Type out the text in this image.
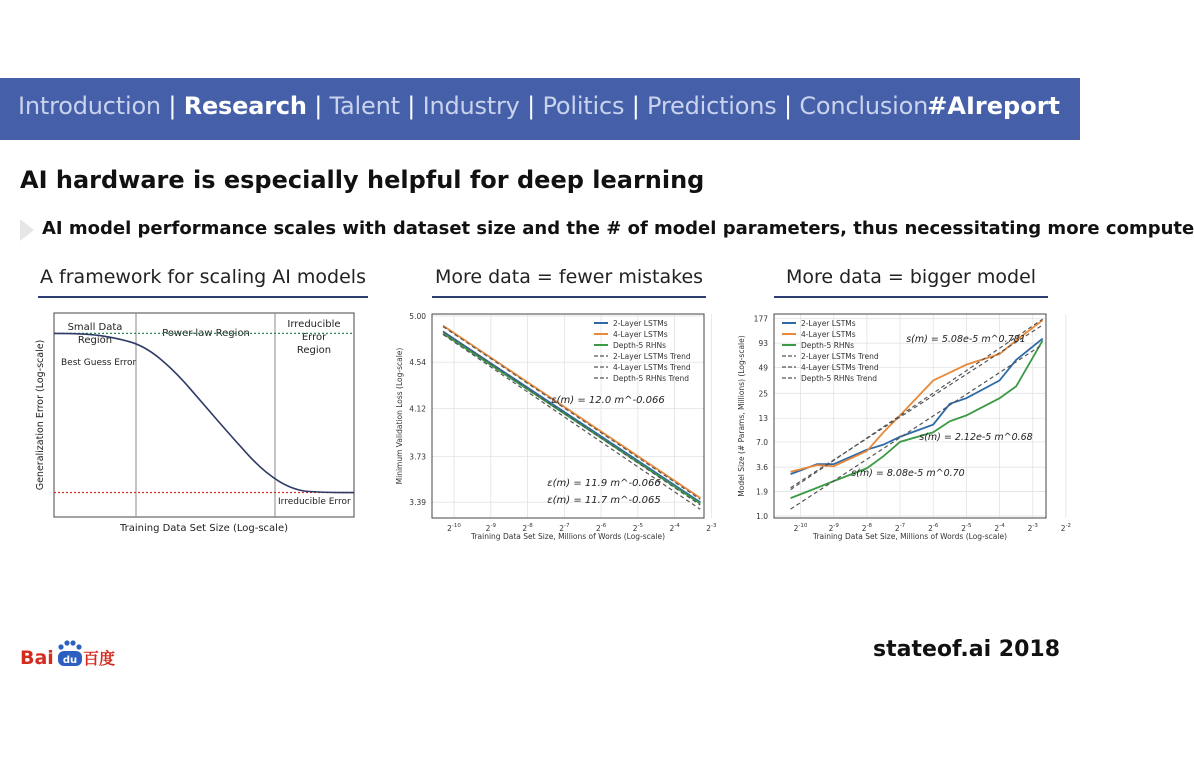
Introduction | Research | Talent | Industry | Politics | Predictions | Conclusion #AIreport
AI hardware is especially helpful for deep learning
AI model performance scales with dataset size and the # of model parameters, thus necessitating more compute
A framework for scaling AI models	More data = fewer mistakes	More data = bigger model
Small Data
Region
Power-law Region
Irreducible
Error
Region
Best Guess Error
Irreducible Error
Generalization Error (Log-scale)
Training Data Set Size (Log-scale)	$2^{-10}$	$2^{-9}$	$2^{-8}$	$2^{-7}$	$2^{-6}$	$2^{-5}$	$2^{-4}$	$2^{-3}$
5.00
4.54
4.12
3.73
3.39
2-Layer LSTMs
4-Layer LSTMs
Depth-5 RHNs
2-Layer LSTMs Trend
4-Layer LSTMs Trend
Depth-5 RHNs Trend
ε(m) = 12.0 m^-0.066
ε(m) = 11.9 m^-0.066
ε(m) = 11.7 m^-0.065
Minimum Validation Loss (Log-scale)
Training Data Set Size, Millions of Words (Log-scale)
$2^{-10}$	$2^{-9}$	$2^{-8}$	$2^{-7}$	$2^{-6}$	$2^{-5}$	$2^{-4}$	$2^{-3}$	$2^{-2}$
1.0
1.9
3.6
7.0
13
25
49
93
177	2-Layer LSTMs
4-Layer LSTMs
Depth-5 RHNs
2-Layer LSTMs Trend
4-Layer LSTMs Trend
Depth-5 RHNs Trend
s(m) = 5.08e-5 m^0.781
s(m) = 2.12e-5 m^0.68
s(m) = 8.08e-5 m^0.70
Model Size (# Params, Millions) (Log-scale)
Training Data Set Size, Millions of Words (Log-scale)
Bai du 百度	stateof.ai 2018
